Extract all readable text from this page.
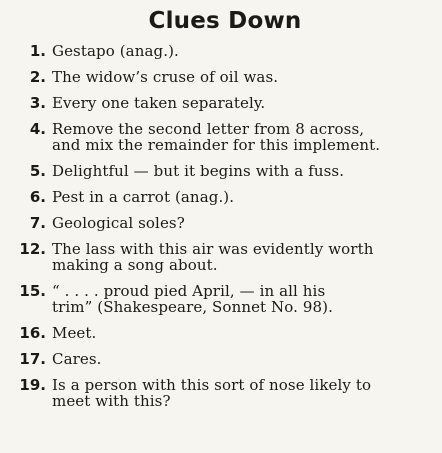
Clues Down
1. Gestapo (anag.).
2. The widow’s cruse of oil was.
3. Every one taken separately.
4. Remove the second letter from 8 across,
and mix the remainder for this implement.
5. Delightful — but it begins with a fuss.
6. Pest in a carrot (anag.).
7. Geological soles?
12. The lass with this air was evidently worth
making a song about.
15. “ . . . . proud pied April, — in all his
trim” (Shakespeare, Sonnet No. 98).
16. Meet.
17. Cares.
19. Is a person with this sort of nose likely to
meet with this?
